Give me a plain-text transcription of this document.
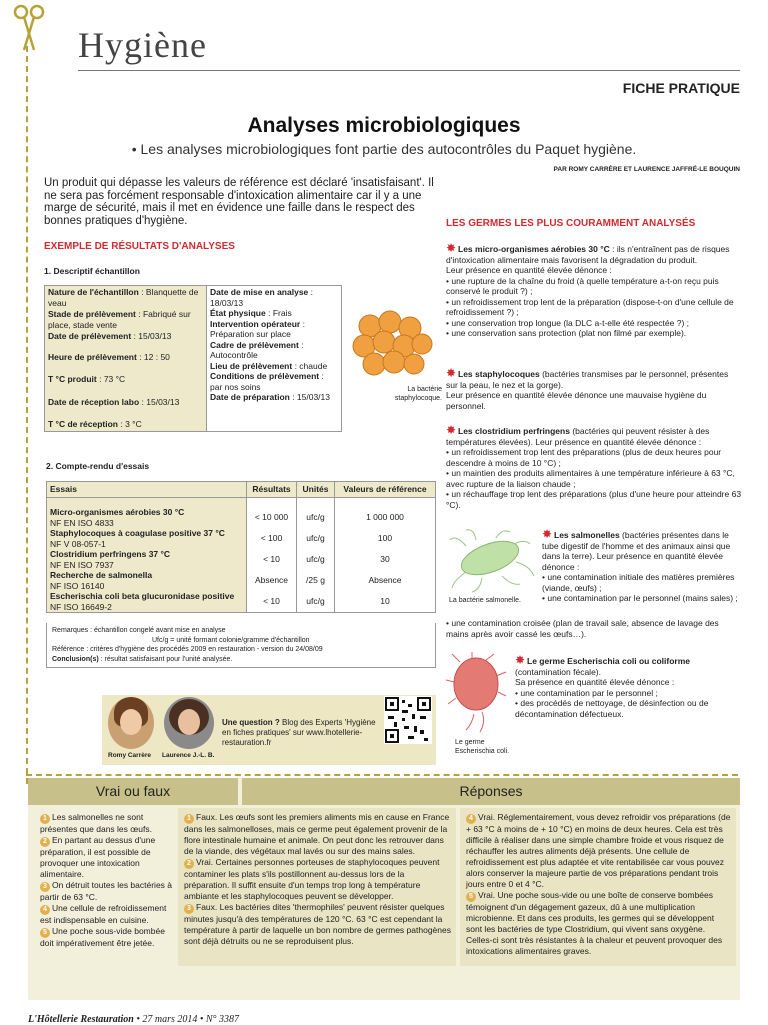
Hygiène
FICHE PRATIQUE
Analyses microbiologiques
• Les analyses microbiologiques font partie des autocontrôles du Paquet hygiène.
PAR ROMY CARRÈRE ET LAURENCE JAFFRÉ-LE BOUQUIN

Un produit qui dépasse les valeurs de référence est déclaré 'insatisfaisant'. Il ne sera pas forcément responsable d'intoxication alimentaire car il y a une marge de sécurité, mais il met en évidence une faille dans le respect des bonnes pratiques d'hygiène.

EXEMPLE DE RÉSULTATS D'ANALYSES
1. Descriptif échantillon
Nature de l'échantillon : Blanquette de veau
Stade de prélèvement : Fabriqué sur place, stade vente
Date de prélèvement : 15/03/13
Heure de prélèvement : 12 : 50
T °C produit : 73 °C
Date de réception labo : 15/03/13
T °C de réception : 3 °C

Date de mise en analyse : 18/03/13
État physique : Frais
Intervention opérateur : Préparation sur place
Cadre de prélèvement : Autocontrôle
Lieu de prélèvement : chaude
Conditions de prélèvement : par nos soins
Date de préparation : 15/03/13
La bactérie staphylocoque.
2. Compte-rendu d'essais
Essais	Résultats	Unités	Valeurs de référence

Micro-organismes aérobies 30 °C
NF EN ISO 4833	< 10 000	ufc/g	1 000 000
Staphylocoques à coagulase positive 37 °C
NF V 08-057-1	< 100	ufc/g	100
Clostridium perfringens 37 °C
NF EN ISO 7937	< 10	ufc/g	30
Recherche de salmonella
NF ISO 16140	Absence	/25 g	Absence
Escherischia coli beta glucuronidase positive
NF ISO 16649-2	< 10	ufc/g	10
Remarques : échantillon congelé avant mise en analyse
Ufc/g = unité formant colonie/gramme d'échantillon
Référence : critères d'hygiène des procédés 2009 en restauration - version du 24/08/09
Conclusion(s) : résultat satisfaisant pour l'unité analysée.
Romy Carrère Laurence J.-L. B.

Une question ? Blog des Experts 'Hygiène en fiches pratiques' sur www.lhotellerie-restauration.fr

LES GERMES LES PLUS COURAMMENT ANALYSÉS

✸ Les micro-organismes aérobies 30 °C : ils n'entraînent pas de risques d'intoxication alimentaire mais favorisent la dégradation du produit.

Leur présence en quantité élevée dénonce :

• une rupture de la chaîne du froid (à quelle température a-t-on reçu puis conservé le produit ?) ;

• un refroidissement trop lent de la préparation (dispose-t-on d'une cellule de refroidissement ?) ;

• une conservation trop longue (la DLC a-t-elle été respectée ?) ;

• une conservation sans protection (plat non filmé par exemple).

✸ Les staphylocoques (bactéries transmises par le personnel, présentes sur la peau, le nez et la gorge).

Leur présence en quantité élevée dénonce une mauvaise hygiène du personnel.

✸ Les clostridium perfringens (bactéries qui peuvent résister à des températures élevées). Leur présence en quantité élevée dénonce :

• un refroidissement trop lent des préparations (plus de deux heures pour descendre à moins de 10 °C) ;

• un maintien des produits alimentaires à une température inférieure à 63 °C, avec rupture de la liaison chaude ;

• un réchauffage trop lent des préparations (plus d'une heure pour atteindre 63 °C).

La bactérie salmonelle.

✸ Les salmonelles (bactéries présentes dans le tube digestif de l'homme et des animaux ainsi que dans la terre). Leur présence en quantité élevée dénonce :

• une contamination initiale des matières premières (viande, œufs) ;

• une contamination par le personnel (mains sales) ;

• une contamination croisée (plan de travail sale, absence de lavage des mains après avoir cassé les œufs…).

Le germe Escherischia coli.

✸ Le germe Escherischia coli ou coliforme (contamination fécale).

Sa présence en quantité élevée dénonce :

• une contamination par le personnel ;

• des procédés de nettoyage, de désinfection ou de décontamination défectueux.

Vrai ou faux	Réponses
1 Les salmonelles ne sont présentes que dans les œufs.
2 En partant au dessus d'une préparation, il est possible de provoquer une intoxication alimentaire.
3 On détruit toutes les bactéries à partir de 63 °C.
4 Une cellule de refroidissement est indispensable en cuisine.
5 Une poche sous-vide bombée doit impérativement être jetée.
1 Faux. Les œufs sont les premiers aliments mis en cause en France dans les salmonelloses, mais ce germe peut également provenir de la flore intestinale humaine et animale. On peut donc les retrouver dans de la viande, des végétaux mal lavés ou sur des mains sales.
2 Vrai. Certaines personnes porteuses de staphylocoques peuvent contaminer les plats s'ils postillonnent au-dessus lors de la préparation. Il suffit ensuite d'un temps trop long à température ambiante et les staphylocoques peuvent se développer.
3 Faux. Les bactéries dites 'thermophiles' peuvent résister quelques minutes jusqu'à des températures de 120 °C. 63 °C est cependant la température à partir de laquelle un bon nombre de germes pathogènes sont déjà détruits ou ne se reproduisent plus.
4 Vrai. Réglementairement, vous devez refroidir vos préparations (de + 63 °C à moins de + 10 °C) en moins de deux heures. Cela est très difficile à réaliser dans une simple chambre froide et vous risquez de réchauffer les autres aliments déjà présents. Une cellule de refroidissement est plus adaptée et vite rentabilisée car vous pouvez alors conserver la majeure partie de vos préparations pendant trois jours entre 0 et 4 °C.
5 Vrai. Une poche sous-vide ou une boîte de conserve bombées témoignent d'un dégagement gazeux, dû à une multiplication microbienne. Et dans ces produits, les germes qui se développent sont les bactéries de type Clostridium, qui vivent sans oxygène. Celles-ci sont très résistantes à la chaleur et peuvent provoquer des intoxications alimentaires graves.
L'Hôtellerie Restauration • 27 mars 2014 • N° 3387
